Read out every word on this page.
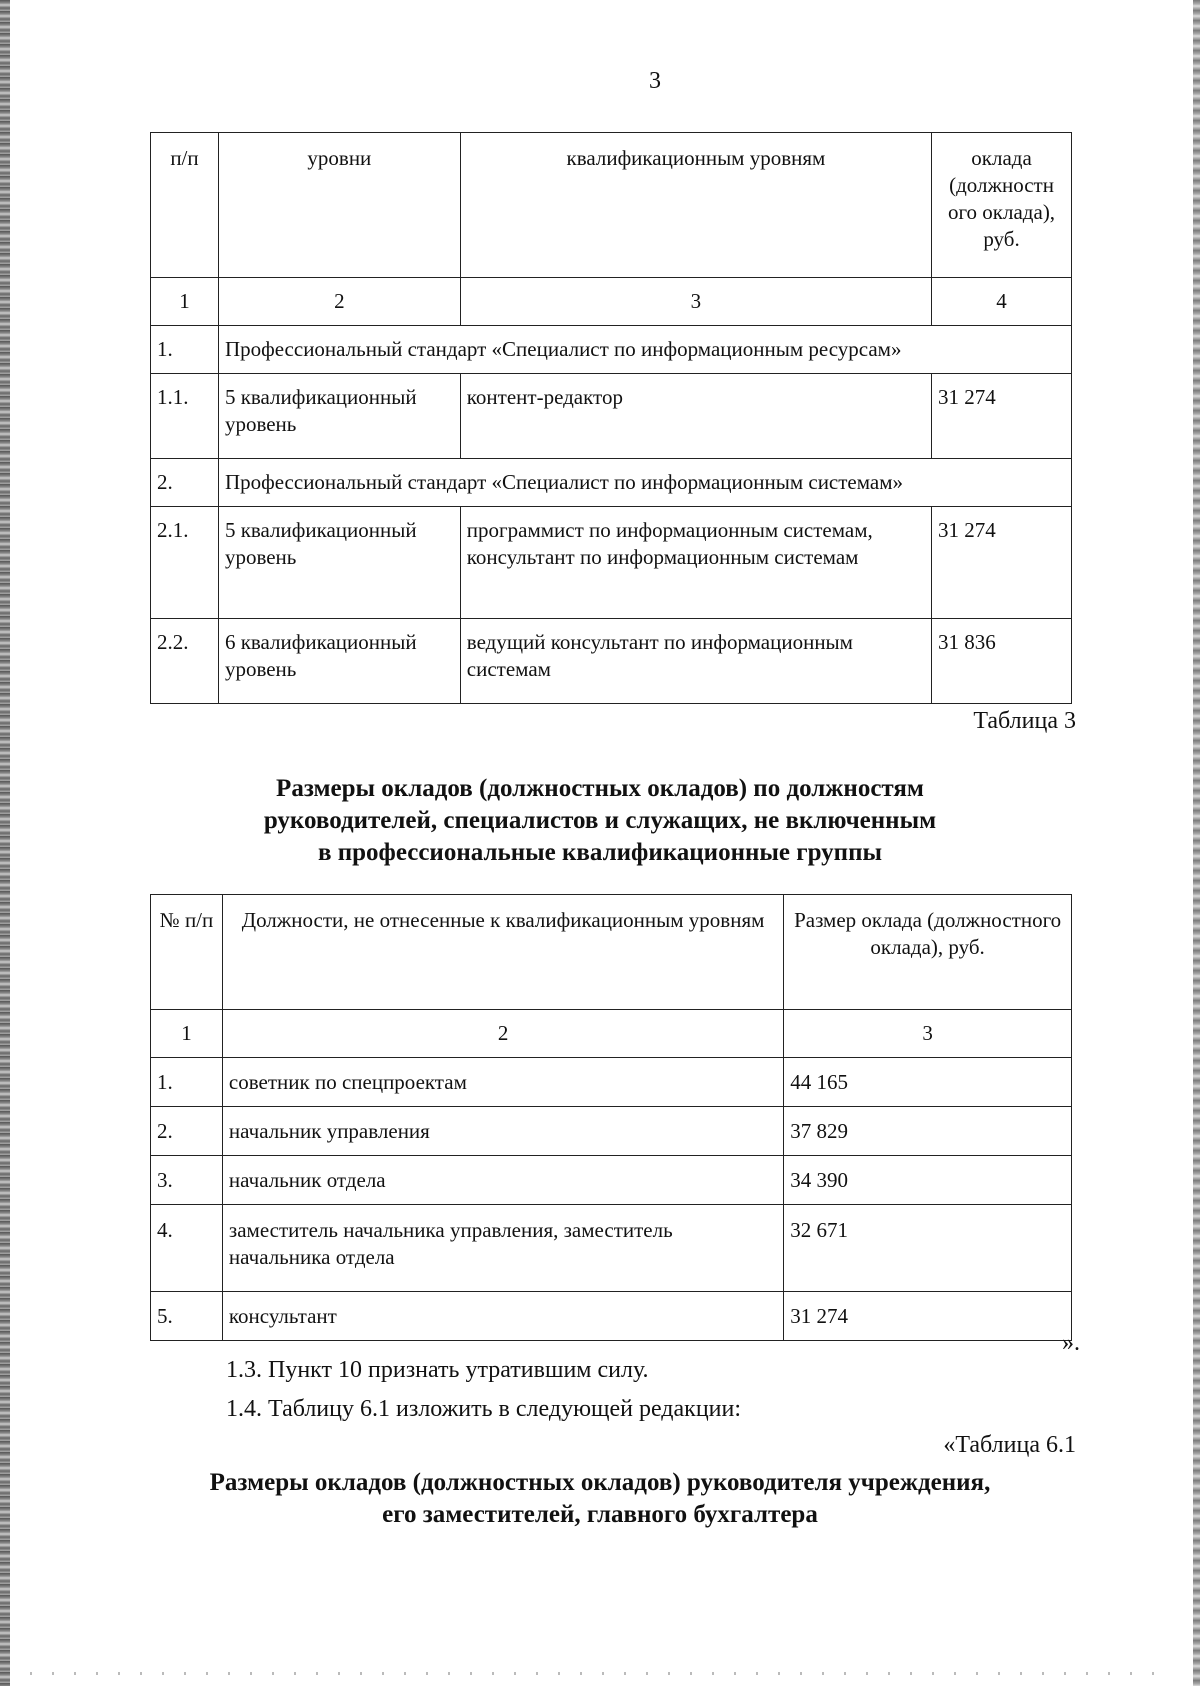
3
п/п	уровни	квалификационным уровням	оклада
(должностн
ого оклада),
руб.

1	2	3	4
1.	Профессиональный стандарт «Специалист по информационным ресурсам»		
1.1.	5 квалификационный уровень	контент-редактор	31 274
2.	Профессиональный стандарт «Специалист по информационным системам»		
2.1.	5 квалификационный уровень	программист по информационным системам, консультант по информационным системам	31 274
2.2.	6 квалификационный уровень	ведущий консультант по информационным системам	31 836
Таблица 3
Размеры окладов (должностных окладов) по должностям
руководителей, специалистов и служащих, не включенным
в профессиональные квалификационные группы
№ п/п	Должности, не отнесенные к квалификационным уровням	Размер оклада (должностного оклада), руб.
1	2	3
1.	советник по спецпроектам	44 165
2.	начальник управления	37 829
3.	начальник отдела	34 390
4.	заместитель начальника управления, заместитель начальника отдела	32 671
5.	консультант	31 274
».
1.3. Пункт 10 признать утратившим силу.
1.4. Таблицу 6.1 изложить в следующей редакции:
«Таблица 6.1
Размеры окладов (должностных окладов) руководителя учреждения,
его заместителей, главного бухгалтера
